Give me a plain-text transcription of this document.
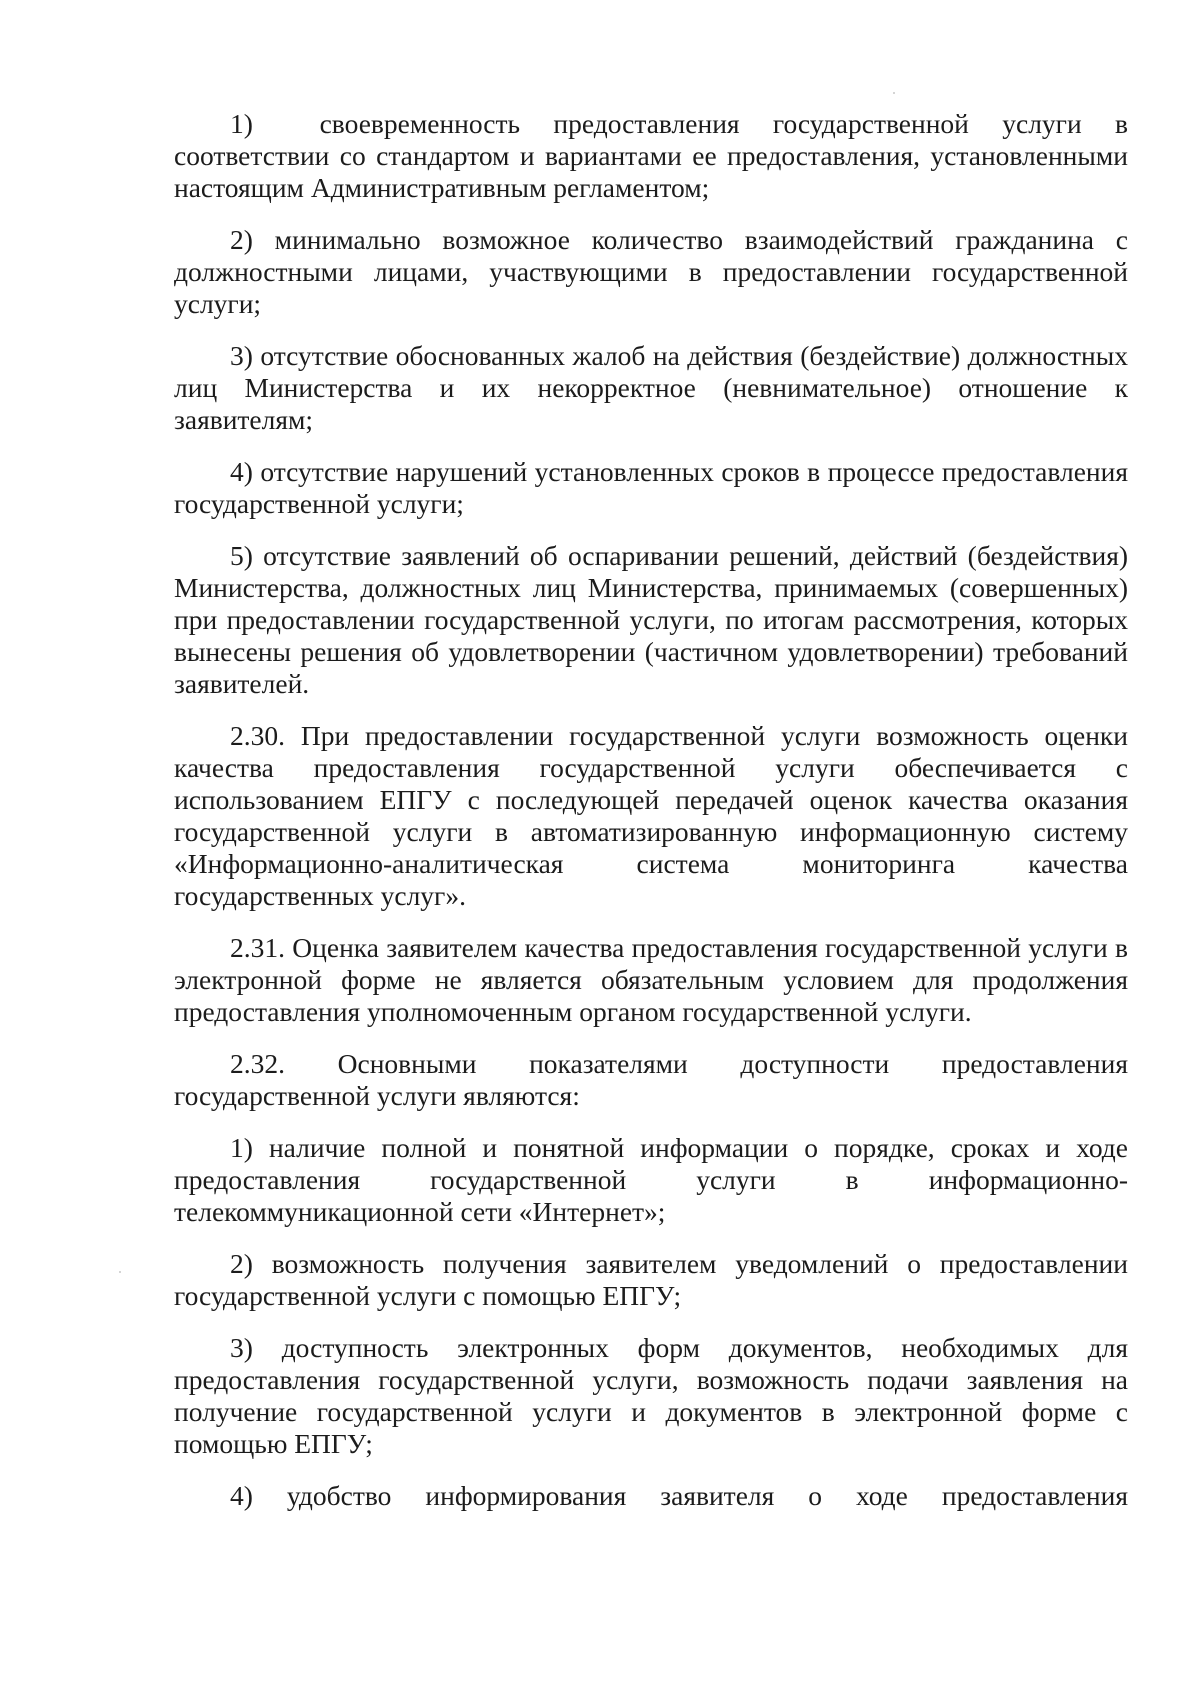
1)  своевременность предоставления государственной услуги в соответствии со стандартом и вариантами ее предоставления, установленными настоящим Административным регламентом;

2) минимально возможное количество взаимодействий гражданина с должностными лицами, участвующими в предоставлении государственной услуги;

3) отсутствие обоснованных жалоб на действия (бездействие) должностных лиц Министерства и их некорректное (невнимательное) отношение к заявителям;

4) отсутствие нарушений установленных сроков в процессе предоставления государственной услуги;

5) отсутствие заявлений об оспаривании решений, действий (бездействия) Министерства, должностных лиц Министерства, принимаемых (совершенных) при предоставлении государственной услуги, по итогам рассмотрения, которых вынесены решения об удовлетворении (частичном удовлетворении) требований заявителей.

2.30. При предоставлении государственной услуги возможность оценки качества предоставления государственной услуги обеспечивается с использованием ЕПГУ с последующей передачей оценок качества оказания государственной услуги в автоматизированную информационную систему «Информационно-аналитическая система мониторинга качества государственных услуг».

2.31. Оценка заявителем качества предоставления государственной услуги в электронной форме не является обязательным условием для продолжения предоставления уполномоченным органом государственной услуги.

2.32. Основными показателями доступности предоставления государственной услуги являются:

1) наличие полной и понятной информации о порядке, сроках и ходе предоставления государственной услуги в информационно-телекоммуникационной сети «Интернет»;

2) возможность получения заявителем уведомлений о предоставлении государственной услуги с помощью ЕПГУ;

3) доступность электронных форм документов, необходимых для предоставления государственной услуги, возможность подачи заявления на получение государственной услуги и документов в электронной форме с помощью ЕПГУ;

4) удобство информирования заявителя о ходе предоставления
